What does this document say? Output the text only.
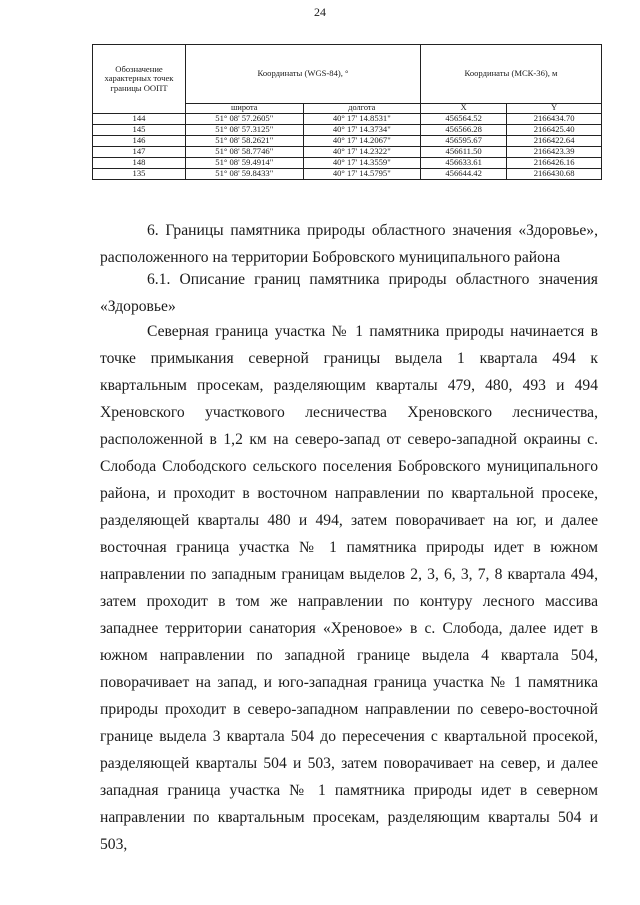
24
Обозначение характерных точек границы ООПТ	Координаты (WGS-84), °		Координаты (МСК-36), м	
	широта	долгота	X	Y
144	51° 08' 57.2605"	40° 17' 14.8531"	456564.52	2166434.70
145	51° 08' 57.3125"	40° 17' 14.3734"	456566.28	2166425.40
146	51° 08' 58.2621"	40° 17' 14.2067"	456595.67	2166422.64
147	51° 08' 58.7746"	40° 17' 14.2322"	456611.50	2166423.39
148	51° 08' 59.4914"	40° 17' 14.3559"	456633.61	2166426.16
135	51° 08' 59.8433"	40° 17' 14.5795"	456644.42	2166430.68

6. Границы памятника природы областного значения «Здоровье», расположенного на территории Бобровского муниципального района

6.1. Описание границ памятника природы областного значения «Здоровье»

Северная граница участка № 1 памятника природы начинается в точке примыкания северной границы выдела 1 квартала 494 к квартальным просекам, разделяющим кварталы 479, 480, 493 и 494 Хреновского участкового лесничества Хреновского лесничества, расположенной в 1,2 км на северо-запад от северо-западной окраины с. Слобода Слободского сельского поселения Бобровского муниципального района, и проходит в восточном направлении по квартальной просеке, разделяющей кварталы 480 и 494, затем поворачивает на юг, и далее восточная граница участка № 1 памятника природы идет в южном направлении по западным границам выделов 2, 3, 6, 3, 7, 8 квартала 494, затем проходит в том же направлении по контуру лесного массива западнее территории санатория «Хреновое» в с. Слобода, далее идет в южном направлении по западной границе выдела 4 квартала 504, поворачивает на запад, и юго-западная граница участка № 1 памятника природы проходит в северо-западном направлении по северо-восточной границе выдела 3 квартала 504 до пересечения с квартальной просекой, разделяющей кварталы 504 и 503, затем поворачивает на север, и далее западная граница участка № 1 памятника природы идет в северном направлении по квартальным просекам, разделяющим кварталы 504 и 503,
